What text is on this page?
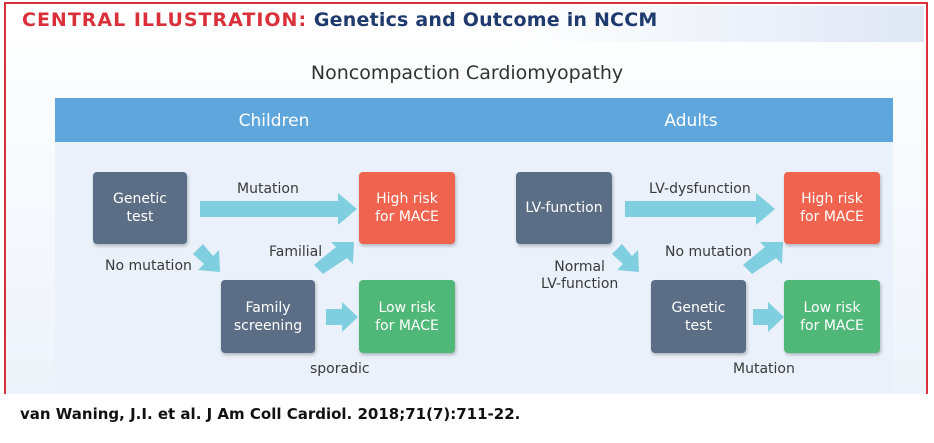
CENTRAL ILLUSTRATION: Genetics and Outcome in NCCM
Noncompaction Cardiomyopathy
Children	Adults
Genetic
test
High risk
for MACE
Family
screening
Low risk
for MACE
LV-function
High risk
for MACE
Genetic
test
Low risk
for MACE
Mutation
No mutation
Familial
sporadic
LV-dysfunction
No mutation
Normal
LV-function
Mutation
van Waning, J.I. et al. J Am Coll Cardiol. 2018;71(7):711-22.
